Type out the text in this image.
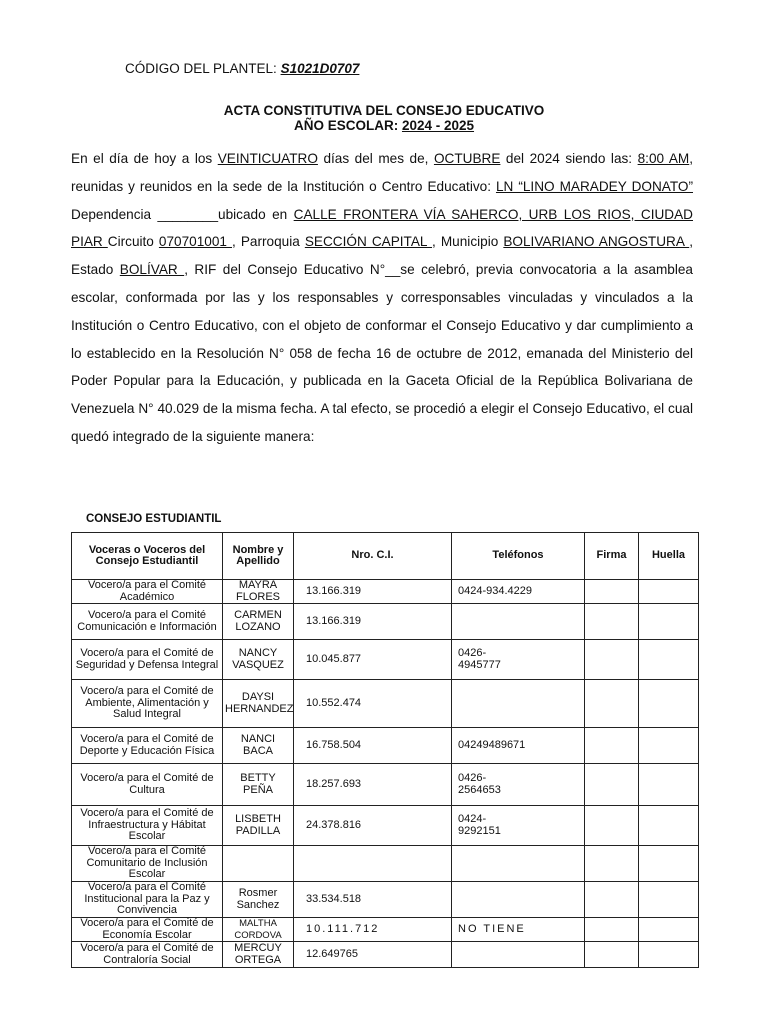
CÓDIGO DEL PLANTEL: S1021D0707
ACTA CONSTITUTIVA DEL CONSEJO EDUCATIVO
AÑO ESCOLAR: 2024 - 2025

En el día de hoy a los VEINTICUATRO días del mes de, OCTUBRE del 2024 siendo las: 8:00 AM, reunidas y reunidos en la sede de la Institución o Centro Educativo: LN “LINO MARADEY DONATO” Dependencia ________ubicado en CALLE FRONTERA VÍA SAHERCO, URB LOS RIOS, CIUDAD PIAR Circuito 070701001 , Parroquia SECCIÓN CAPITAL , Municipio BOLIVARIANO ANGOSTURA , Estado BOLÍVAR , RIF del Consejo Educativo N°__se celebró, previa convocatoria a la asamblea escolar, conformada por las y los responsables y corresponsables vinculadas y vinculados a la Institución o Centro Educativo, con el objeto de conformar el Consejo Educativo y dar cumplimiento a lo establecido en la Resolución N° 058 de fecha 16 de octubre de 2012, emanada del Ministerio del Poder Popular para la Educación, y publicada en la Gaceta Oficial de la República Bolivariana de Venezuela N° 40.029 de la misma fecha. A tal efecto, se procedió a elegir el Consejo Educativo, el cual quedó integrado de la siguiente manera:

CONSEJO ESTUDIANTIL
Voceras o Voceros del Consejo Estudiantil	Nombre y Apellido	Nro. C.I.	Teléfonos	Firma	Huella
Vocero/a para el Comité Académico	MAYRA FLORES	13.166.319	0424-934.4229		
Vocero/a para el Comité Comunicación e Información	CARMEN LOZANO	13.166.319			
Vocero/a para el Comité de Seguridad y Defensa Integral	NANCY VASQUEZ	10.045.877	0426- 4945777		
Vocero/a para el Comité de Ambiente, Alimentación y Salud Integral	DAYSI HERNANDEZ	10.552.474			
Vocero/a para el Comité de Deporte y Educación Física	NANCI BACA	16.758.504	04249489671		
Vocero/a para el Comité de Cultura	BETTY PEÑA	18.257.693	0426- 2564653		
Vocero/a para el Comité de Infraestructura y Hábitat Escolar	LISBETH PADILLA	24.378.816	0424- 9292151		
Vocero/a para el Comité Comunitario de Inclusión Escolar					
Vocero/a para el Comité Institucional para la Paz y Convivencia	Rosmer Sanchez	33.534.518			
Vocero/a para el Comité de Economía Escolar	MALTHA CORDOVA	10.111.712	NO TIENE		
Vocero/a para el Comité de Contraloría Social	MERCUY ORTEGA	12.649765			
